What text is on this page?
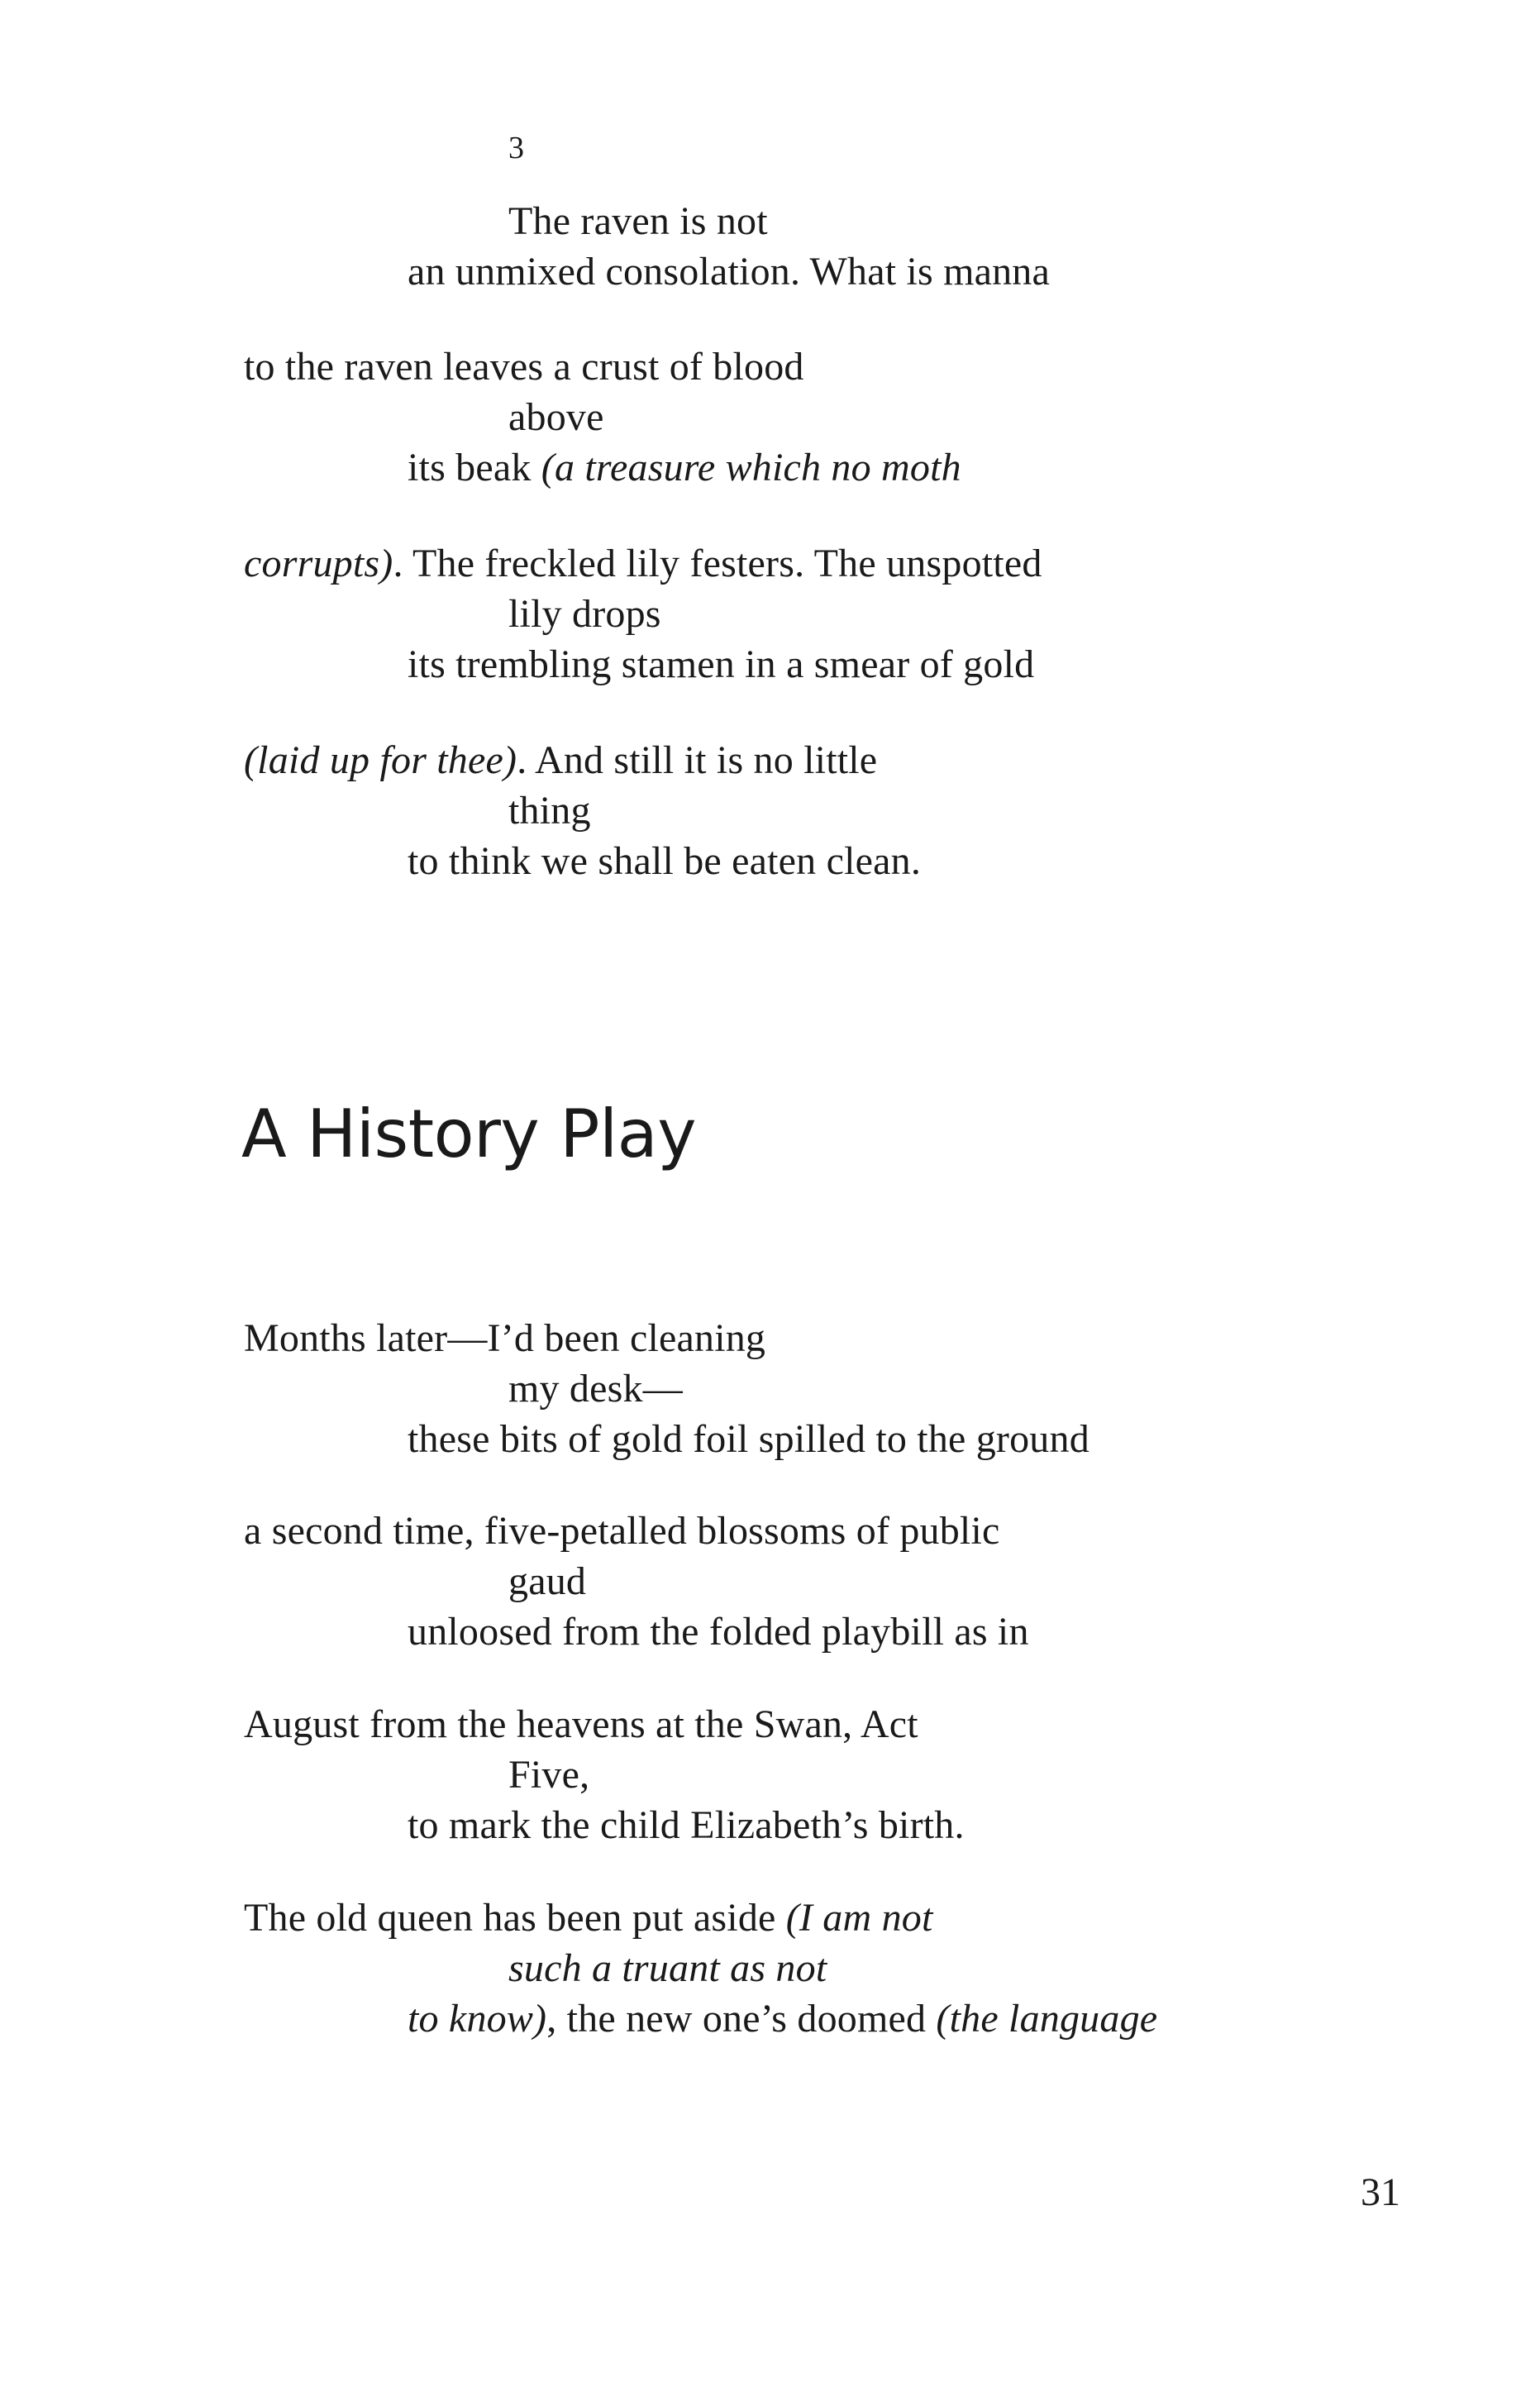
3
The raven is not
an unmixed consolation. What is manna
to the raven leaves a crust of blood
above
its beak (a treasure which no moth
corrupts). The freckled lily festers. The unspotted
lily drops
its trembling stamen in a smear of gold
(laid up for thee). And still it is no little
thing
to think we shall be eaten clean.
A History Play
Months later—I’d been cleaning
my desk—
these bits of gold foil spilled to the ground
a second time, five-petalled blossoms of public
gaud
unloosed from the folded playbill as in
August from the heavens at the Swan, Act
Five,
to mark the child Elizabeth’s birth.
The old queen has been put aside (I am not
such a truant as not
to know), the new one’s doomed (the language
31
